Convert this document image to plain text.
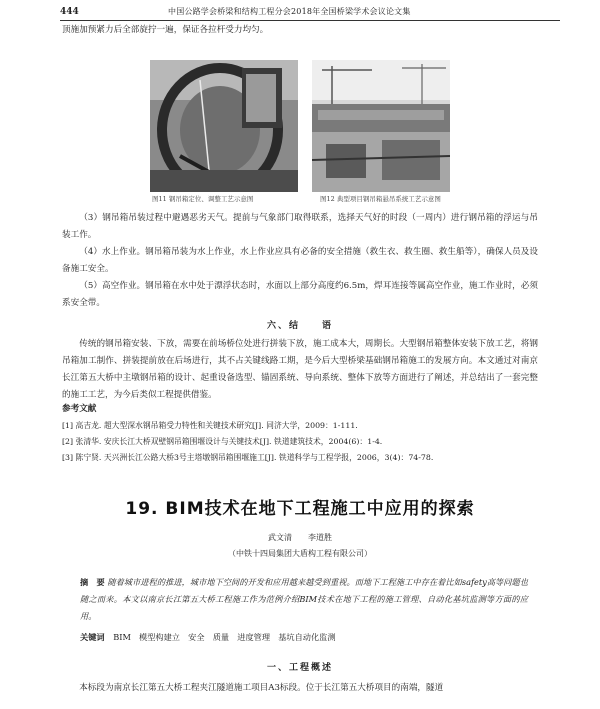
444	中国公路学会桥梁和结构工程分会2018年全国桥梁学术会议论文集

顶施加预紧力后全部旋拧一遍，保证各拉杆受力均匀。

图11 钢吊箱定位、调整工艺示意图	图12 典型项目钢吊箱悬吊系统工艺示意图

（3）钢吊箱吊装过程中避遇恶劣天气。提前与气象部门取得联系，选择天气好的时段（一周内）进行钢吊箱的浮运与吊装工作。

（4）水上作业。钢吊箱吊装为水上作业，水上作业应具有必备的安全措施（救生衣、救生圈、救生船等），确保人员及设备施工安全。

（5）高空作业。钢吊箱在水中处于漂浮状态时，水面以上部分高度约6.5m，焊耳连接等属高空作业，施工作业时，必须系安全带。

六、结　　语

传统的钢吊箱安装、下放，需要在前场桥位处进行拼装下放，施工成本大，周期长。大型钢吊箱整体安装下放工艺，将钢吊箱加工制作、拼装提前放在后场进行，其不占关键线路工期，是今后大型桥梁基础钢吊箱施工的发展方向。本文通过对南京长江第五大桥中主墩钢吊箱的设计、起重设备选型、锚固系统、导向系统、整体下放等方面进行了阐述，并总结出了一套完整的施工工艺，为今后类似工程提供借鉴。

参考文献
[1] 高吉龙. 超大型深水钢吊箱受力特性和关键技术研究[J]. 同济大学，2009：1-111.
[2] 张清华. 安庆长江大桥双壁钢吊箱围堰设计与关键技术[J]. 铁道建筑技术，2004(6)：1-4.
[3] 陈宁贤. 天兴洲长江公路大桥3号主塔墩钢吊箱围堰施工[J]. 铁道科学与工程学报，2006，3(4)：74-78.
19. BIM技术在地下工程施工中应用的探索
武文清　　李道胜
（中铁十四局集团大盾构工程有限公司）
摘　要 随着城市进程的推进，城市地下空间的开发和应用越来越受到重视。而地下工程施工中存在着比如safety高等问题也随之而来。本文以南京长江第五大桥工程施工作为范例介绍BIM技术在地下工程的施工管理、自动化基坑监测等方面的应用。
关键词 BIM　模型构建立　安全　质量　进度管理　基坑自动化监测
一、工程概述

本标段为南京长江第五大桥工程夹江隧道施工项目A3标段。位于长江第五大桥项目的南端，隧道
